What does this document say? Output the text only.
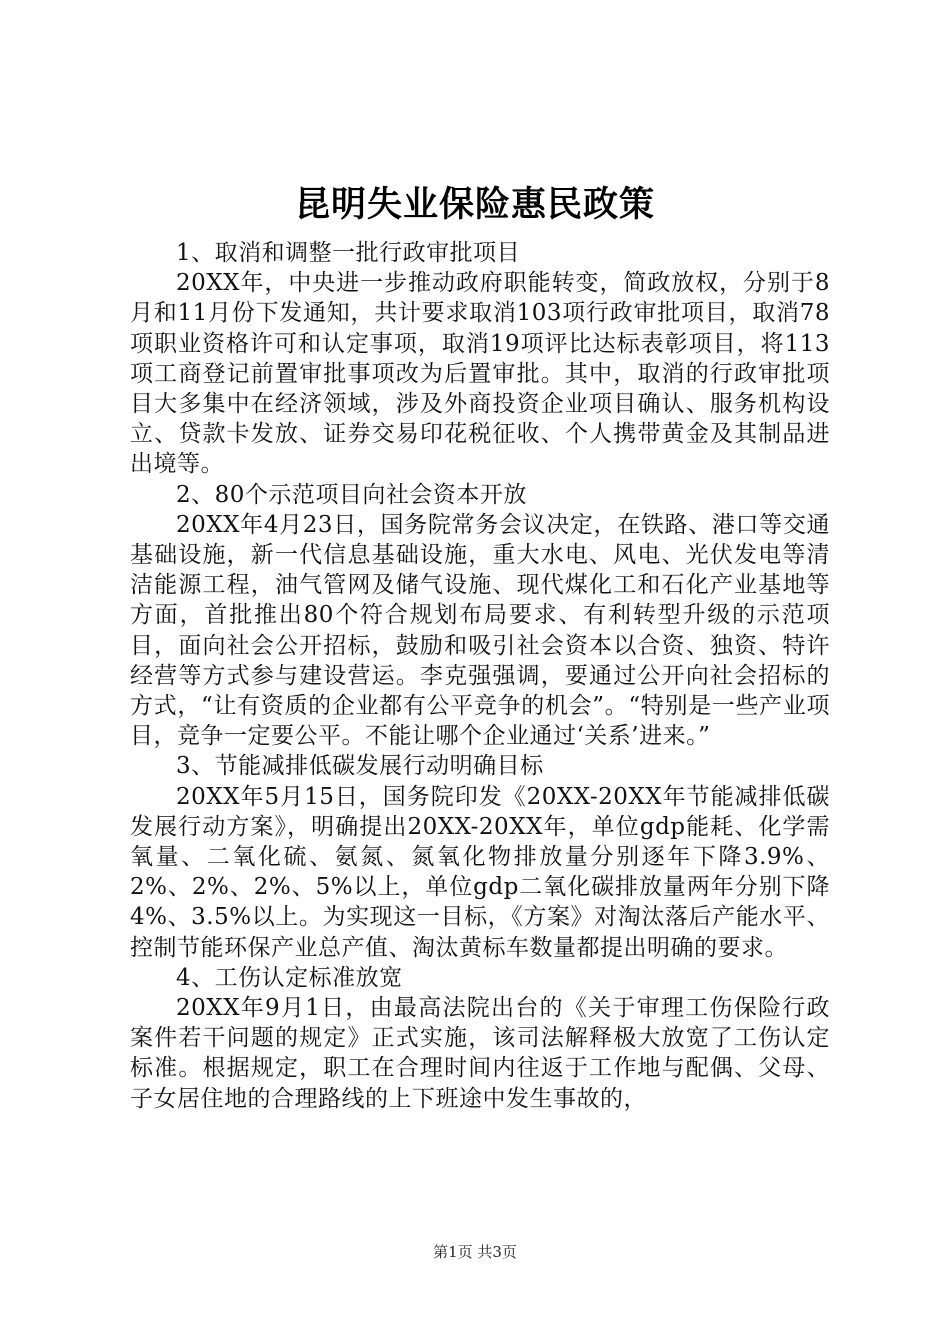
昆明失业保险惠民政策

1、取消和调整一批行政审批项目

20XX年，中央进一步推动政府职能转变，简政放权，分别于8月和11月份下发通知，共计要求取消103项行政审批项目，取消78项职业资格许可和认定事项，取消19项评比达标表彰项目，将113项工商登记前置审批事项改为后置审批。其中，取消的行政审批项目大多集中在经济领域，涉及外商投资企业项目确认、服务机构设立、贷款卡发放、证券交易印花税征收、个人携带黄金及其制品进出境等。

2、80个示范项目向社会资本开放

20XX年4月23日，国务院常务会议决定，在铁路、港口等交通基础设施，新一代信息基础设施，重大水电、风电、光伏发电等清洁能源工程，油气管网及储气设施、现代煤化工和石化产业基地等方面，首批推出80个符合规划布局要求、有利转型升级的示范项目，面向社会公开招标，鼓励和吸引社会资本以合资、独资、特许经营等方式参与建设营运。李克强强调，要通过公开向社会招标的方式，“让有资质的企业都有公平竞争的机会”。“特别是一些产业项目，竞争一定要公平。不能让哪个企业通过‘关系’进来。”

3、节能减排低碳发展行动明确目标

20XX年5月15日，国务院印发《20XX-20XX年节能减排低碳发展行动方案》，明确提出20XX-20XX年，单位gdp能耗、化学需氧量、二氧化硫、氨氮、氮氧化物排放量分别逐年下降3.9%、2%、2%、2%、5%以上，单位gdp二氧化碳排放量两年分别下降4%、3.5%以上。为实现这一目标，《方案》对淘汰落后产能水平、控制节能环保产业总产值、淘汰黄标车数量都提出明确的要求。

4、工伤认定标准放宽

20XX年9月1日，由最高法院出台的《关于审理工伤保险行政案件若干问题的规定》正式实施，该司法解释极大放宽了工伤认定标准。根据规定，职工在合理时间内往返于工作地与配偶、父母、子女居住地的合理路线的上下班途中发生事故的，

第1页 共3页
